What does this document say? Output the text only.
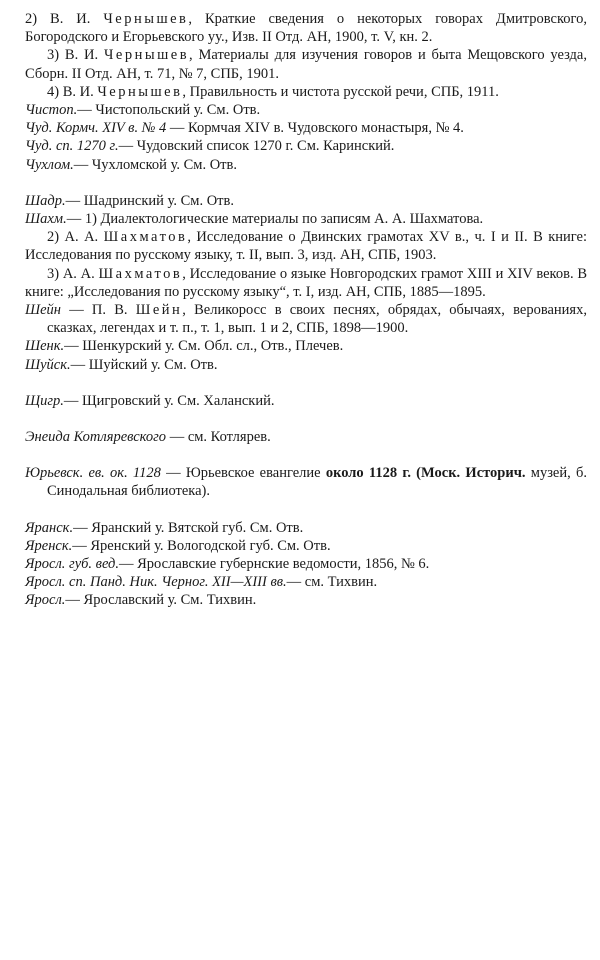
2) В. И. Чернышев, Краткие сведения о некоторых говорах Дмитровского, Богородского и Егорьевского уу., Изв. II Отд. АН, 1900, т. V, кн. 2.
3) В. И. Чернышев, Материалы для изучения говоров и быта Мещовского уезда, Сборн. II Отд. АН, т. 71, № 7, СПБ, 1901.
4) В. И. Чернышев, Правильность и чистота русской речи, СПБ, 1911.
Чистоп.— Чистопольский у. См. Отв.
Чуд. Кормч. XIV в. № 4 — Кормчая XIV в. Чудовского монастыря, № 4.
Чуд. сп. 1270 г.— Чудовский список 1270 г. См. Каринский.
Чухлом.— Чухломской у. См. Отв.
Шадр.— Шадринский у. См. Отв.
Шахм.— 1) Диалектологические материалы по записям А. А. Шахматова.
2) А. А. Шахматов, Исследование о Двинских грамотах XV в., ч. I и II. В книге: Исследования по русскому языку, т. II, вып. 3, изд. АН, СПБ, 1903.
3) А. А. Шахматов, Исследование о языке Новгородских грамот XIII и XIV веков. В книге: „Исследования по русскому языку“, т. I, изд. АН, СПБ, 1885—1895.
Шейн — П. В. Шейн, Великоросс в своих песнях, обрядах, обычаях, верованиях, сказках, легендах и т. п., т. 1, вып. 1 и 2, СПБ, 1898—1900.
Шенк.— Шенкурский у. См. Обл. сл., Отв., Плечев.
Шуйск.— Шуйский у. См. Отв.
Щигр.— Щигровский у. См. Халанский.
Энеида Котляревского — см. Котлярев.
Юрьевск. ев. ок. 1128 — Юрьевское евангелие около 1128 г. (Моск. Историч. музей, б. Синодальная библиотека).
Яранск.— Яранский у. Вятской губ. См. Отв.
Яренск.— Яренский у. Вологодской губ. См. Отв.
Яросл. губ. вед.— Ярославские губернские ведомости, 1856, № 6.
Яросл. сп. Панд. Ник. Черног. XII—XIII вв.— см. Тихвин.
Яросл.— Ярославский у. См. Тихвин.
